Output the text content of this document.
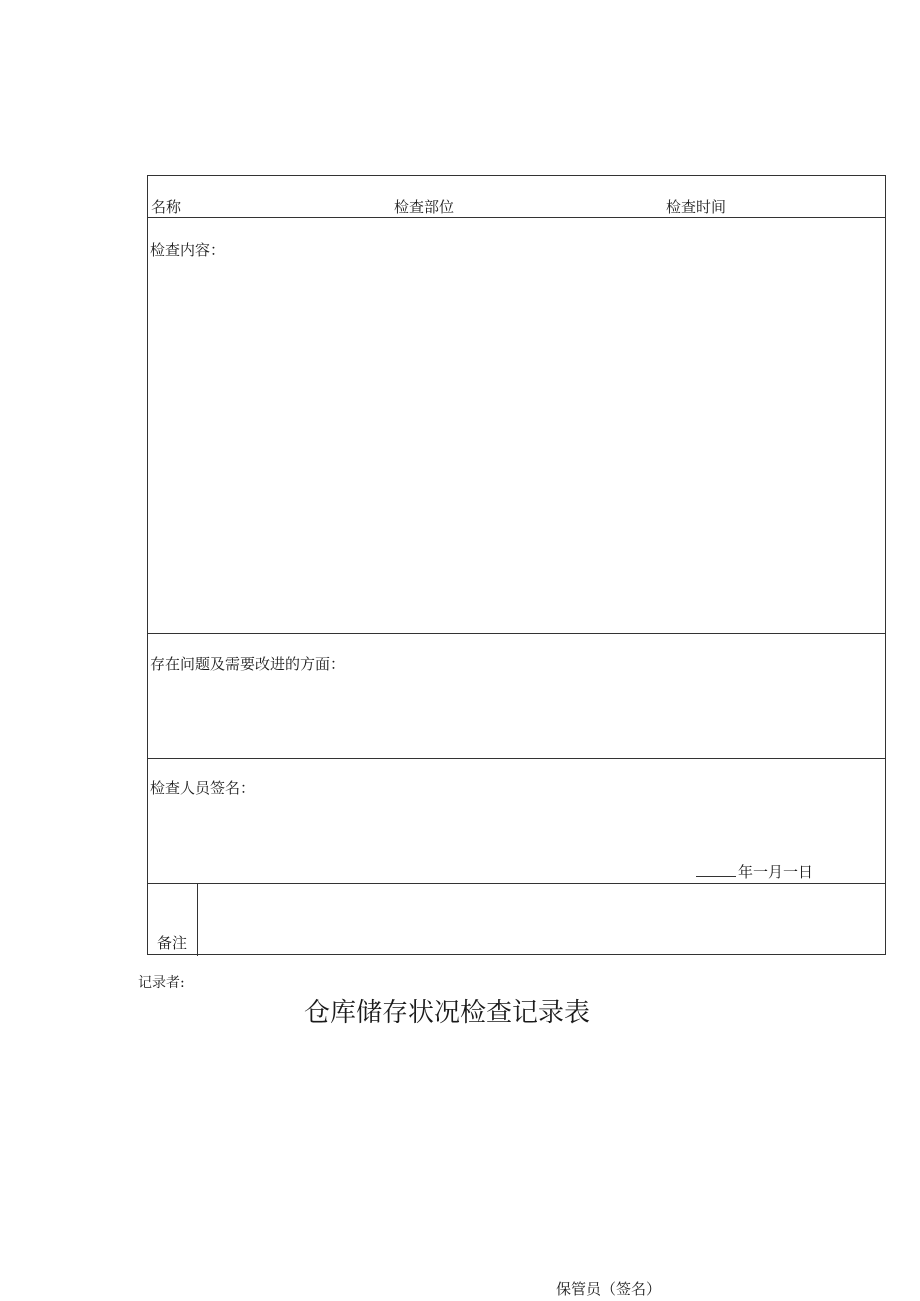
名称	检查部位	检查时间
检查内容：
存在问题及需要改进的方面：
检查人员签名：
年一月一日
备注
记录者:
仓库储存状况检查记录表
保管员（签名）
